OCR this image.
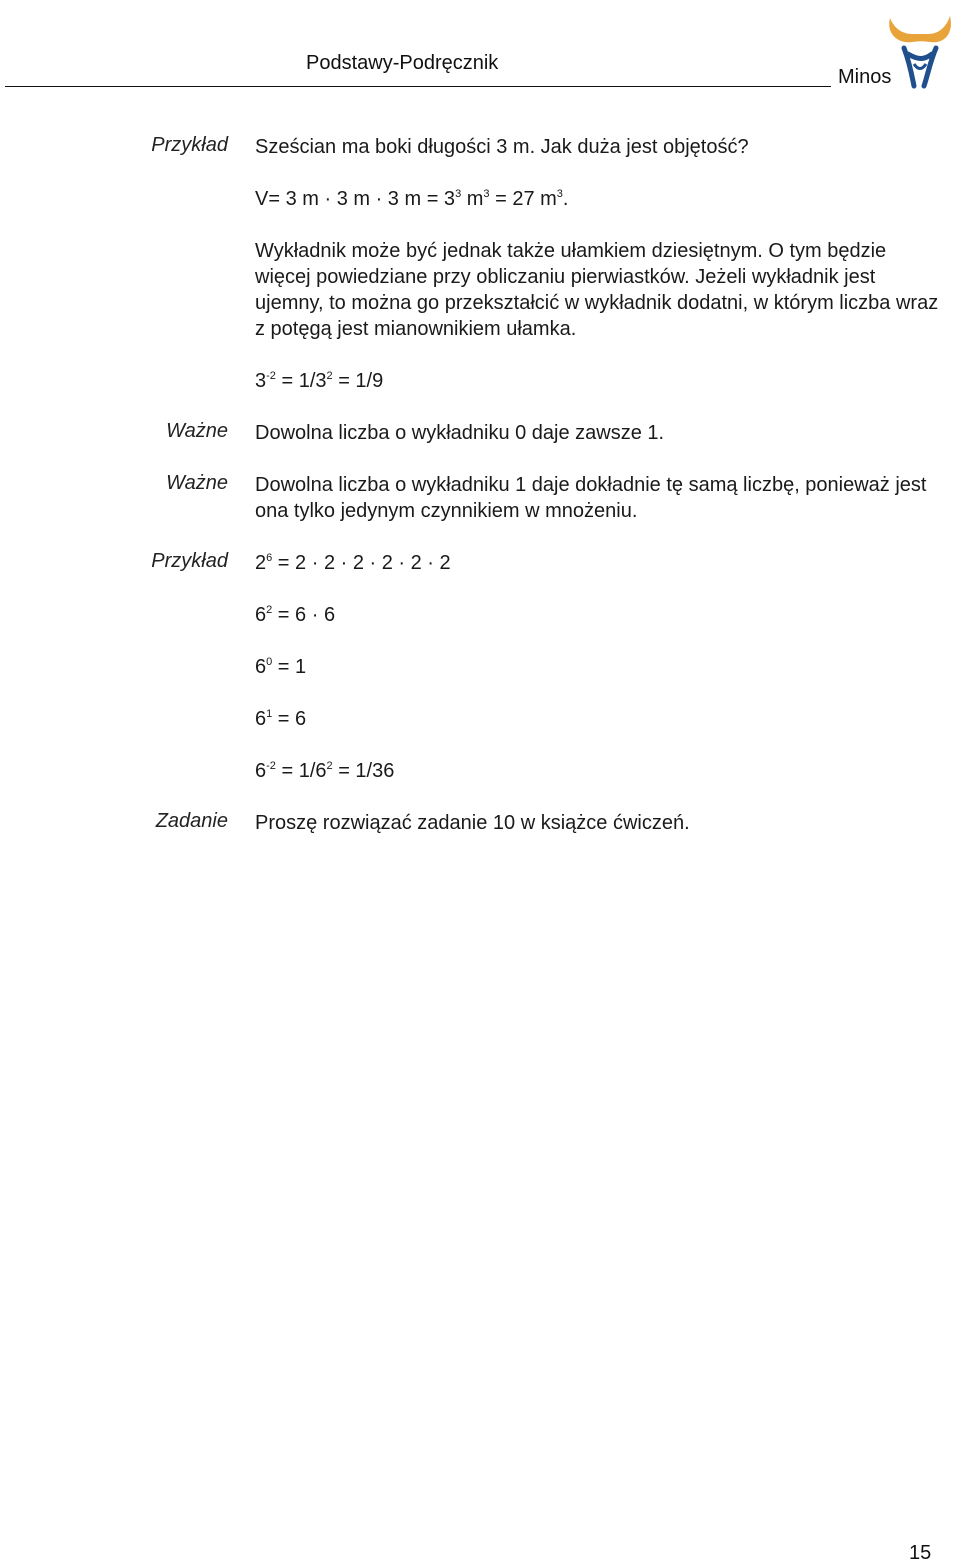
Podstawy-Podręcznik
Minos
Przykład Sześcian ma boki długości 3 m. Jak duża jest objętość?
V= 3 m · 3 m · 3 $m = 3^3$ $m^3 = 27$ $m^3$.
Wykładnik może być jednak także ułamkiem dziesiętnym. O tym będzie więcej powiedziane przy obliczaniu pierwiastków. Jeżeli wykładnik jest ujemny, to można go przekształcić w wykładnik dodatni, w którym liczba wraz z potęgą jest mianownikiem ułamka.
$3^{-2} = 1/3^2 = 1/9$
Ważne Dowolna liczba o wykładniku 0 daje zawsze 1.
Ważne Dowolna liczba o wykładniku 1 daje dokładnie tę samą liczbę, ponieważ jest ona tylko jedynym czynnikiem w mnożeniu.
Przykład $2^6 = 2 \cdot 2 \cdot 2 \cdot 2 \cdot 2 \cdot 2$
$6^2 = 6 \cdot 6$
$6^0 = 1$
$6^1 = 6$
$6^{-2} = 1/6^2 = 1/36$
Zadanie Proszę rozwiązać zadanie 10 w książce ćwiczeń.
15
